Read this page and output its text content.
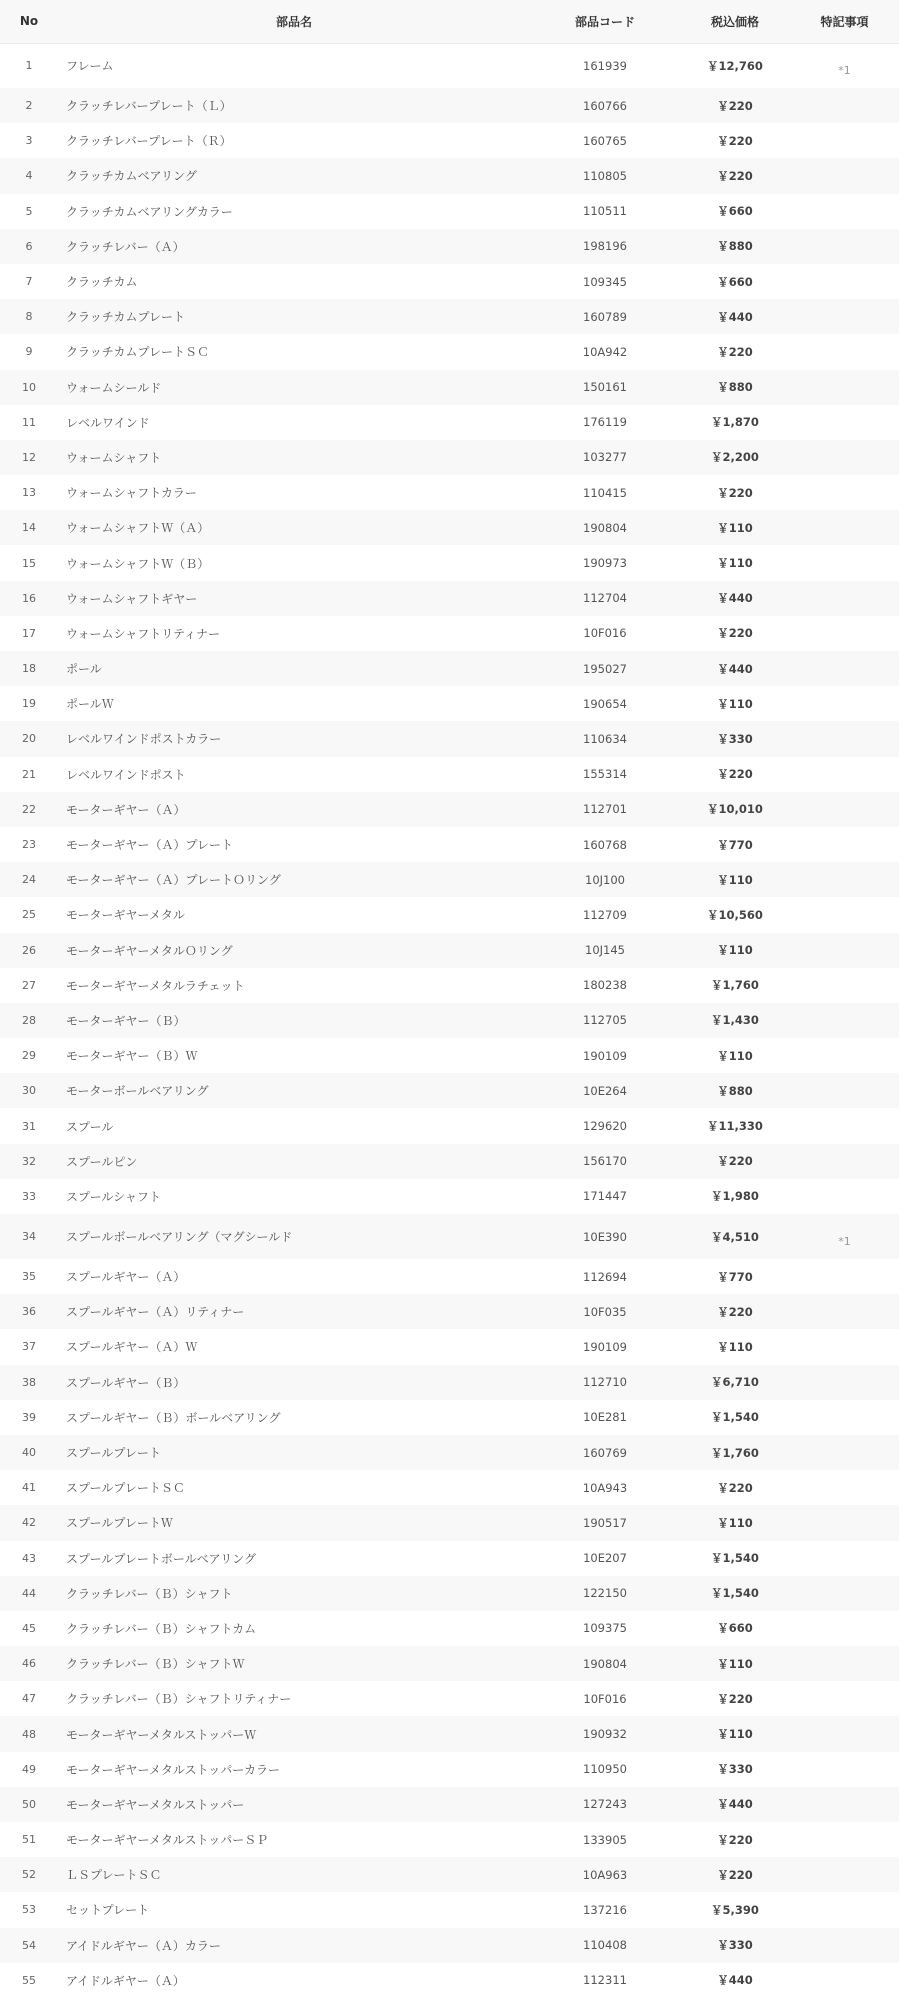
No	部品名	部品コード	税込価格	特記事項
1	フレーム	161939	￥12,760	*1
2	クラッチレバープレート（Ｌ）	160766	￥220	
3	クラッチレバープレート（Ｒ）	160765	￥220	
4	クラッチカムベアリング	110805	￥220	
5	クラッチカムベアリングカラー	110511	￥660	
6	クラッチレバー（Ａ）	198196	￥880	
7	クラッチカム	109345	￥660	
8	クラッチカムプレート	160789	￥440	
9	クラッチカムプレートＳＣ	10A942	￥220	
10	ウォームシールド	150161	￥880	
11	レベルワインド	176119	￥1,870	
12	ウォームシャフト	103277	￥2,200	
13	ウォームシャフトカラー	110415	￥220	
14	ウォームシャフトＷ（Ａ）	190804	￥110	
15	ウォームシャフトＷ（Ｂ）	190973	￥110	
16	ウォームシャフトギヤー	112704	￥440	
17	ウォームシャフトリティナー	10F016	￥220	
18	ポール	195027	￥440	
19	ポールＷ	190654	￥110	
20	レベルワインドポストカラー	110634	￥330	
21	レベルワインドポスト	155314	￥220	
22	モーターギヤー（Ａ）	112701	￥10,010	
23	モーターギヤー（Ａ）プレート	160768	￥770	
24	モーターギヤー（Ａ）プレートＯリング	10J100	￥110	
25	モーターギヤーメタル	112709	￥10,560	
26	モーターギヤーメタルＯリング	10J145	￥110	
27	モーターギヤーメタルラチェット	180238	￥1,760	
28	モーターギヤー（Ｂ）	112705	￥1,430	
29	モーターギヤー（Ｂ）Ｗ	190109	￥110	
30	モーターボールベアリング	10E264	￥880	
31	スプール	129620	￥11,330	
32	スプールピン	156170	￥220	
33	スプールシャフト	171447	￥1,980	
34	スプールボールベアリング（マグシールド	10E390	￥4,510	*1
35	スプールギヤー（Ａ）	112694	￥770	
36	スプールギヤー（Ａ）リティナー	10F035	￥220	
37	スプールギヤー（Ａ）Ｗ	190109	￥110	
38	スプールギヤー（Ｂ）	112710	￥6,710	
39	スプールギヤー（Ｂ）ボールベアリング	10E281	￥1,540	
40	スプールプレート	160769	￥1,760	
41	スプールプレートＳＣ	10A943	￥220	
42	スプールプレートＷ	190517	￥110	
43	スプールプレートボールベアリング	10E207	￥1,540	
44	クラッチレバー（Ｂ）シャフト	122150	￥1,540	
45	クラッチレバー（Ｂ）シャフトカム	109375	￥660	
46	クラッチレバー（Ｂ）シャフトＷ	190804	￥110	
47	クラッチレバー（Ｂ）シャフトリティナー	10F016	￥220	
48	モーターギヤーメタルストッパーＷ	190932	￥110	
49	モーターギヤーメタルストッパーカラー	110950	￥330	
50	モーターギヤーメタルストッパー	127243	￥440	
51	モーターギヤーメタルストッパーＳＰ	133905	￥220	
52	ＬＳプレートＳＣ	10A963	￥220	
53	セットプレート	137216	￥5,390	
54	アイドルギヤー（Ａ）カラー	110408	￥330	
55	アイドルギヤー（Ａ）	112311	￥440	
